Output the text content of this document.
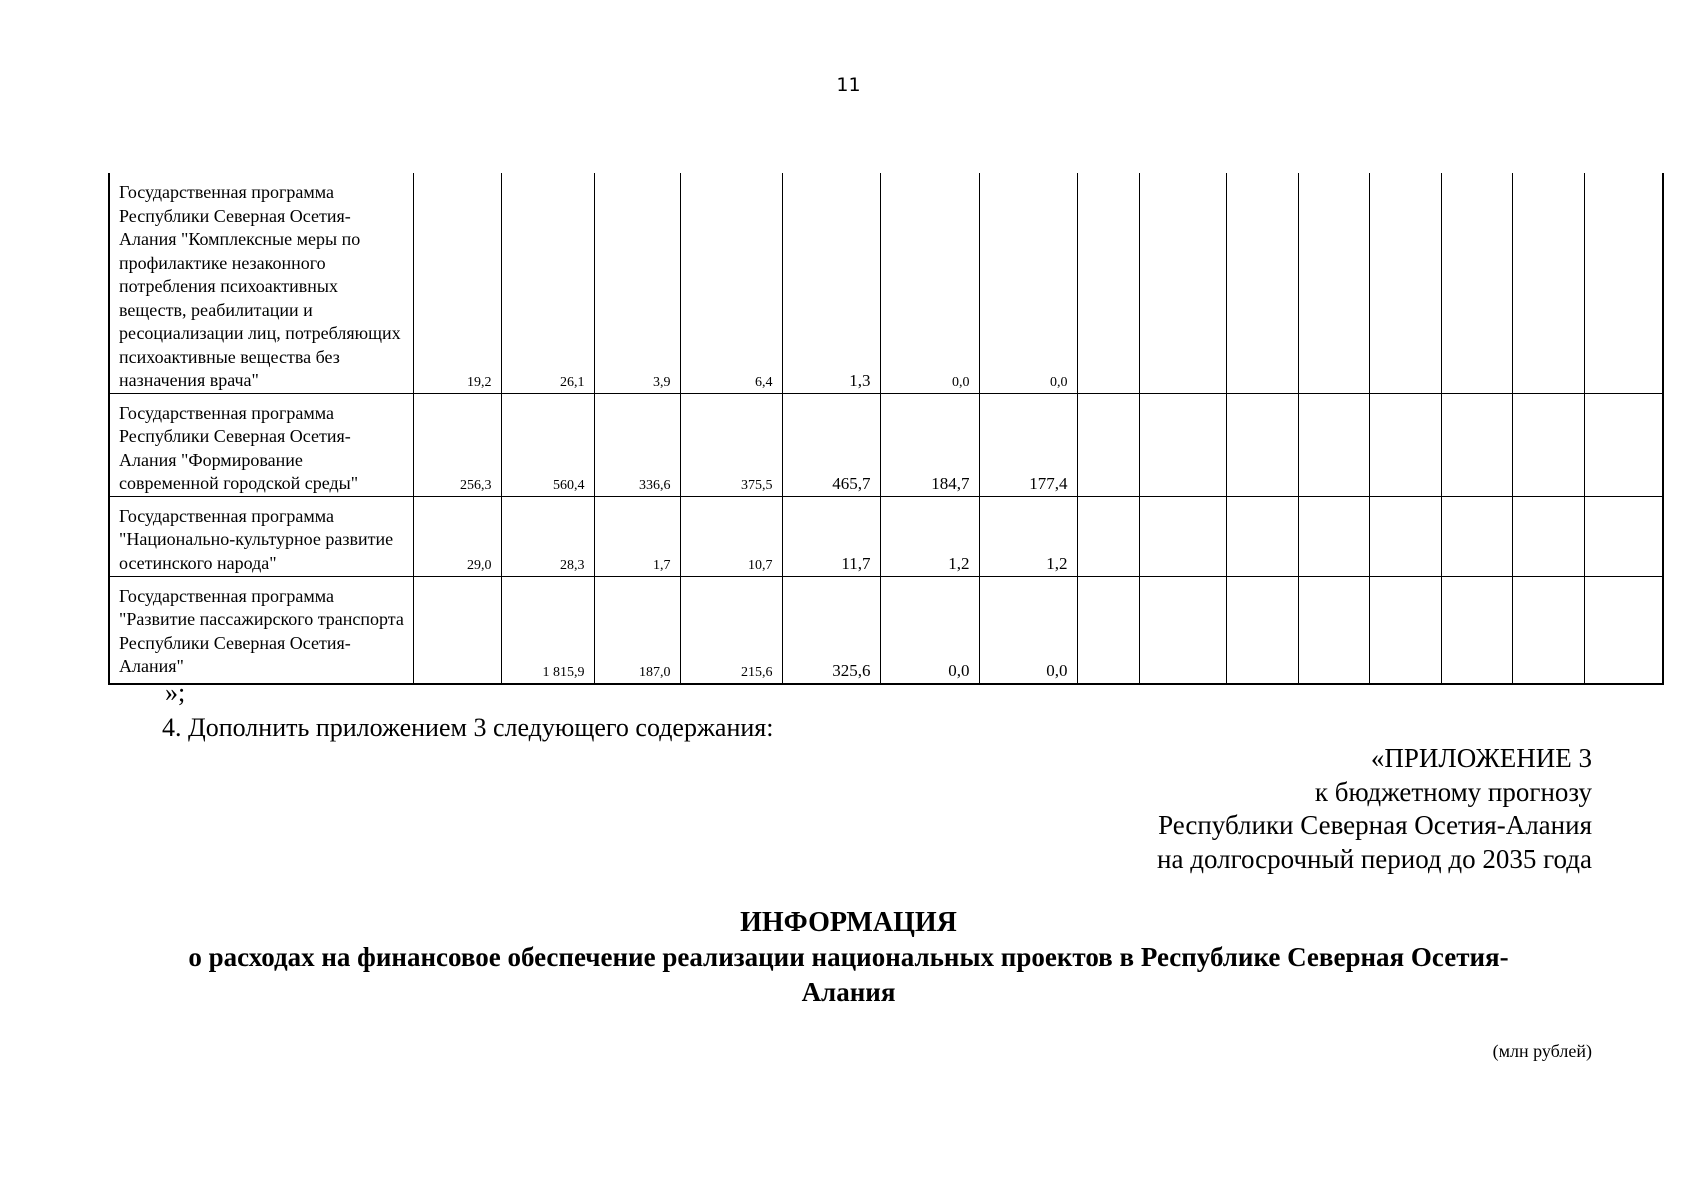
11
Государственная программа Республики Северная Осетия-Алания "Комплексные меры по профилактике незаконного потребления психоактивных веществ, реабилитации и ресоциализации лиц, потребляющих психоактивные вещества без назначения врача"	19,2	26,1	3,9	6,4	1,3	0,0	0,0								
Государственная программа Республики Северная Осетия-Алания "Формирование современной городской среды"	256,3	560,4	336,6	375,5	465,7	184,7	177,4								
Государственная программа "Национально-культурное развитие осетинского народа"	29,0	28,3	1,7	10,7	11,7	1,2	1,2								
Государственная программа "Развитие пассажирского транспорта Республики Северная Осетия-Алания"		1 815,9	187,0	215,6	325,6	0,0	0,0								
»;
4. Дополнить приложением 3 следующего содержания:
«ПРИЛОЖЕНИЕ 3
к бюджетному прогнозу
Республики Северная Осетия-Алания
на долгосрочный период до 2035 года
ИНФОРМАЦИЯ
о расходах на финансовое обеспечение реализации национальных проектов в Республике Северная Осетия-Алания
(млн рублей)
